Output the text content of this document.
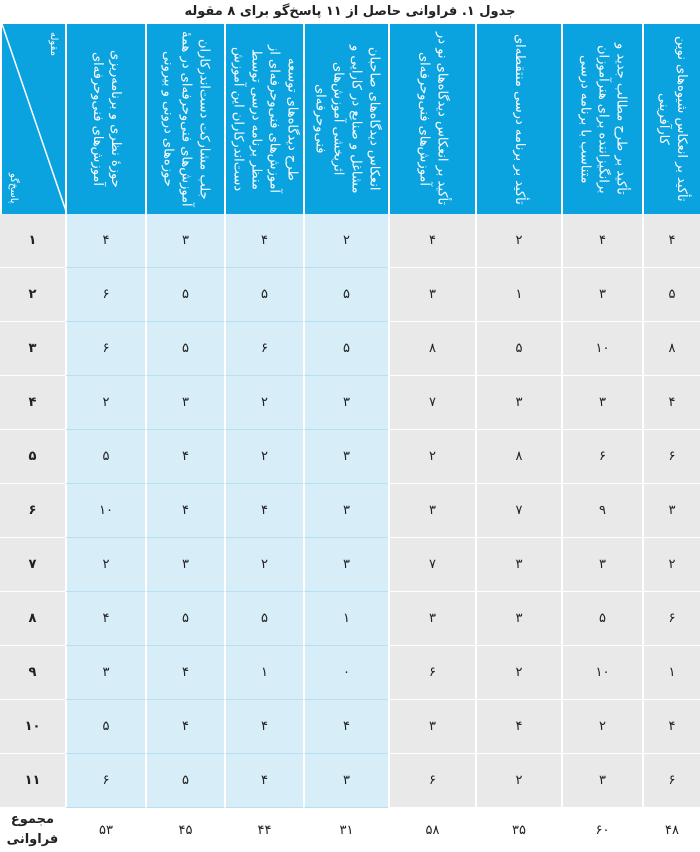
جدول ۱. فراوانی حاصل از ۱۱ پاسخ‌گو برای ۸ مقوله
مقوله
پاسخ‌گو
حوزهٔ نظری و برنامه‌ریزی آموزش‌های فنی‌وحرفه‌ای	جلب مشارکت دست‌اندرکاران آموزش‌های فنی‌وحرفه‌ای در همهٔ حوزه‌های درونی و بیرونی	طرح دیدگاه‌های توسعه آموزش‌های فنی‌وحرفه‌ای از منظر برنامه درسی توسط دست‌اندرکاران این آموزش	انعکاس دیدگاه‌های صاحبان مشاغل و صنایع در کارایی و اثربخشی آموزش‌های فنی‌وحرفه‌ای	تأکید بر انعکاس دیدگاه‌های نو در آموزش‌های فنی‌وحرفه‌ای	تأکید بر برنامه درسی منتقطه‌ای	تأکید بر طرح مطالب جدید و برانگیزاننده برای هنرآموزان متناسب با برنامه درسی	تأکید بر انعکاس شیوه‌های نوین کارآفرینی
۱	۴	۳	۴	۲	۴	۲	۴	۴
۲	۶	۵	۵	۵	۳	۱	۳	۵
۳	۶	۵	۶	۵	۸	۵	۱۰	۸
۴	۲	۳	۲	۳	۷	۳	۳	۴
۵	۵	۴	۲	۳	۲	۸	۶	۶
۶	۱۰	۴	۴	۳	۳	۷	۹	۳
۷	۲	۳	۲	۳	۷	۳	۳	۲
۸	۴	۵	۵	۱	۳	۳	۵	۶
۹	۳	۴	۱	۰	۶	۲	۱۰	۱
۱۰	۵	۴	۴	۴	۳	۴	۲	۴
۱۱	۶	۵	۴	۳	۶	۲	۳	۶
مجموع فراوانی
۵۳	۴۵	۴۴	۳۱	۵۸	۳۵	۶۰	۴۸
